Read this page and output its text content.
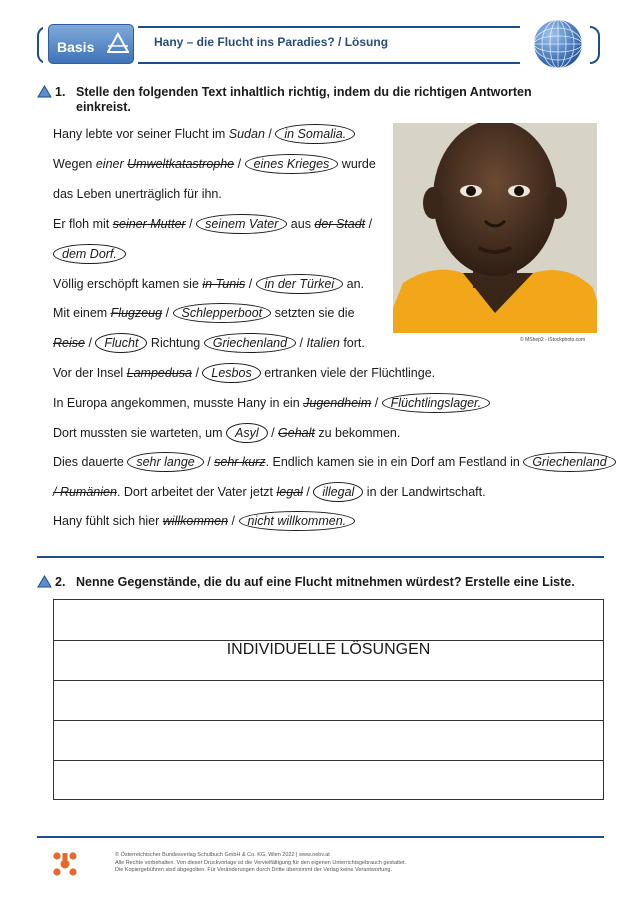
Basis	Hany – die Flucht ins Paradies? / Lösung
1. Stelle den folgenden Text inhaltlich richtig, indem du die richtigen Antworten einkreist.
Hany lebte vor seiner Flucht im Sudan / in Somalia.
Wegen einer Umweltkatastrophe / eines Krieges wurde
das Leben unerträglich für ihn.
Er floh mit seiner Mutter / seinem Vater aus der Stadt /
dem Dorf.
Völlig erschöpft kamen sie in Tunis / in der Türkei an.
Mit einem Flugzeug / Schlepperboot setzten sie die
Reise / Flucht Richtung Griechenland / Italien fort.
Vor der Insel Lampedusa / Lesbos ertranken viele der Flüchtlinge.
In Europa angekommen, musste Hany in ein Jugendheim / Flüchtlingslager.
Dort mussten sie warteten, um Asyl / Gehalt zu bekommen.
Dies dauerte sehr lange / sehr kurz. Endlich kamen sie in ein Dorf am Festland in Griechenland
/ Rumänien. Dort arbeitet der Vater jetzt legal / illegal in der Landwirtschaft.
Hany fühlt sich hier willkommen / nicht willkommen.
© MShep2 - iStockphoto.com
2. Nenne Gegenstände, die du auf eine Flucht mitnehmen würdest? Erstelle eine Liste.
INDIVIDUELLE LÖSUNGEN
© Österreichischer Bundesverlag Schulbuch GmbH & Co. KG, Wien 2022 | www.oebv.at
Alle Rechte vorbehalten. Von dieser Druckvorlage ist die Vervielfältigung für den eigenen Unterrichtsgebrauch gestattet.
Die Kopiergebühren sind abgegolten. Für Veränderungen durch Dritte übernimmt der Verlag keine Verantwortung.
